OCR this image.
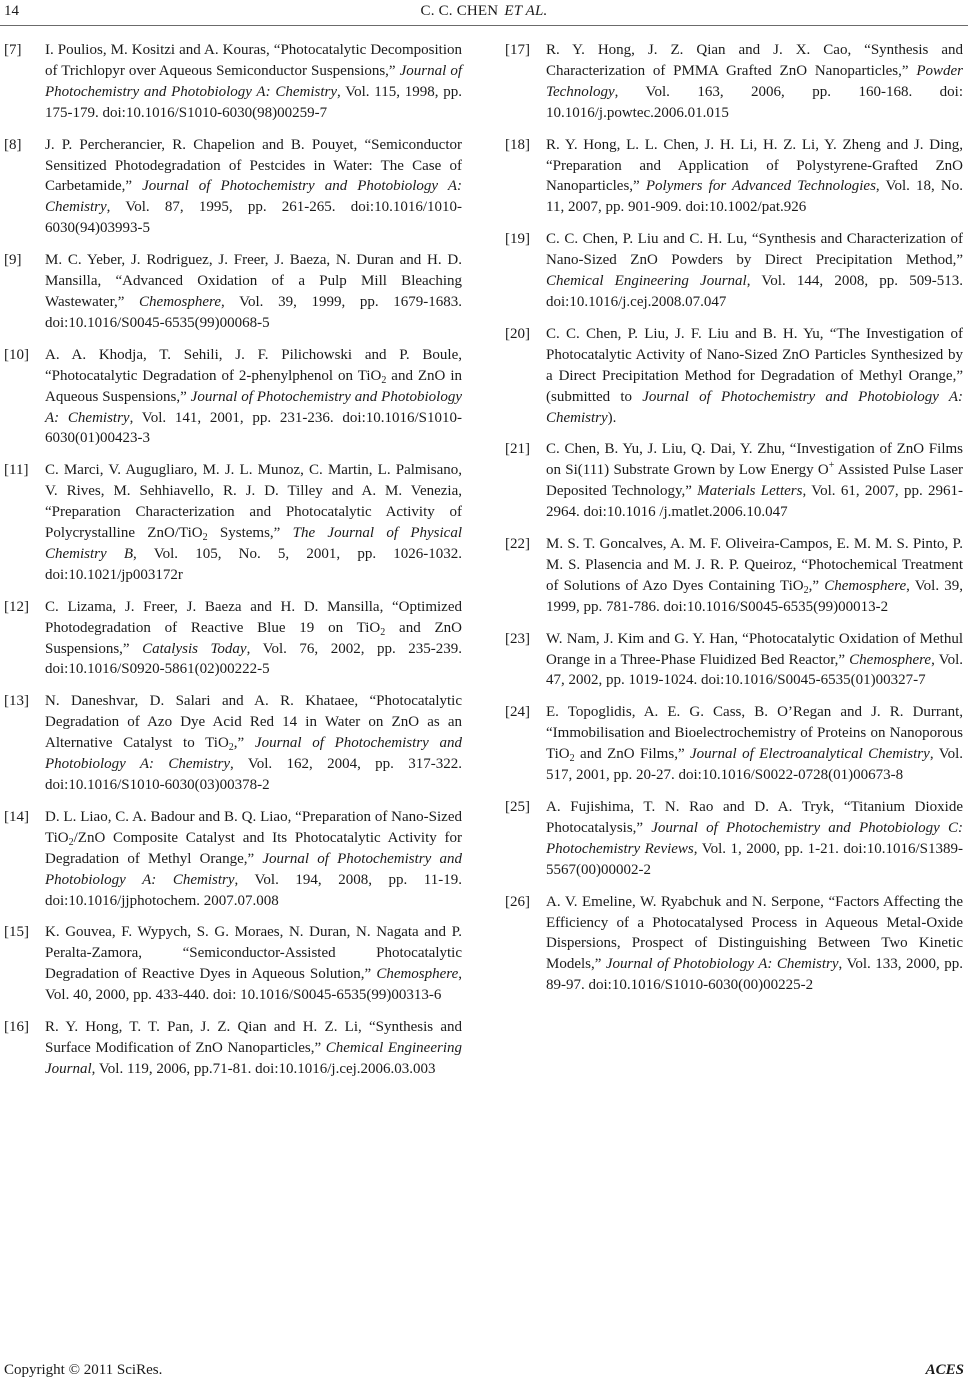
14	C. C. CHEN ET AL.
[7] I. Poulios, M. Kositzi and A. Kouras, “Photocatalytic Decomposition of Trichlopyr over Aqueous Semiconductor Suspensions,” Journal of Photochemistry and Photobiology A: Chemistry, Vol. 115, 1998, pp. 175-179. doi:10.1016/S1010-6030(98)00259-7
[8] J. P. Percherancier, R. Chapelion and B. Pouyet, “Semiconductor Sensitized Photodegradation of Pestcides in Water: The Case of Carbetamide,” Journal of Photochemistry and Photobiology A: Chemistry, Vol. 87, 1995, pp. 261-265. doi:10.1016/1010-6030(94)03993-5
[9] M. C. Yeber, J. Rodriguez, J. Freer, J. Baeza, N. Duran and H. D. Mansilla, “Advanced Oxidation of a Pulp Mill Bleaching Wastewater,” Chemosphere, Vol. 39, 1999, pp. 1679-1683. doi:10.1016/S0045-6535(99)00068-5
[10] A. A. Khodja, T. Sehili, J. F. Pilichowski and P. Boule, “Photocatalytic Degradation of 2-phenylphenol on TiO$_2$ and ZnO in Aqueous Suspensions,” Journal of Photochemistry and Photobiology A: Chemistry, Vol. 141, 2001, pp. 231-236. doi:10.1016/S1010-6030(01)00423-3
[11] C. Marci, V. Augugliaro, M. J. L. Munoz, C. Martin, L. Palmisano, V. Rives, M. Sehhiavello, R. J. D. Tilley and A. M. Venezia, “Preparation Characterization and Photocatalytic Activity of Polycrystalline ZnO/TiO$_2$ Systems,” The Journal of Physical Chemistry B, Vol. 105, No. 5, 2001, pp. 1026-1032. doi:10.1021/jp003172r
[12] C. Lizama, J. Freer, J. Baeza and H. D. Mansilla, “Optimized Photodegradation of Reactive Blue 19 on TiO$_2$ and ZnO Suspensions,” Catalysis Today, Vol. 76, 2002, pp. 235-239. doi:10.1016/S0920-5861(02)00222-5
[13] N. Daneshvar, D. Salari and A. R. Khataee, “Photocatalytic Degradation of Azo Dye Acid Red 14 in Water on ZnO as an Alternative Catalyst to TiO$_2$,” Journal of Photochemistry and Photobiology A: Chemistry, Vol. 162, 2004, pp. 317-322. doi:10.1016/S1010-6030(03)00378-2
[14] D. L. Liao, C. A. Badour and B. Q. Liao, “Preparation of Nano-Sized TiO$_2$/ZnO Composite Catalyst and Its Photocatalytic Activity for Degradation of Methyl Orange,” Journal of Photochemistry and Photobiology A: Chemistry, Vol. 194, 2008, pp. 11-19. doi:10.1016/jjphotochem. 2007.07.008
[15] K. Gouvea, F. Wypych, S. G. Moraes, N. Duran, N. Nagata and P. Peralta-Zamora, “Semiconductor-Assisted Photocatalytic Degradation of Reactive Dyes in Aqueous Solution,” Chemosphere, Vol. 40, 2000, pp. 433-440. doi: 10.1016/S0045-6535(99)00313-6
[16] R. Y. Hong, T. T. Pan, J. Z. Qian and H. Z. Li, “Synthesis and Surface Modification of ZnO Nanoparticles,” Chemical Engineering Journal, Vol. 119, 2006, pp.71-81. doi:10.1016/j.cej.2006.03.003
[17] R. Y. Hong, J. Z. Qian and J. X. Cao, “Synthesis and Characterization of PMMA Grafted ZnO Nanoparticles,” Powder Technology, Vol. 163, 2006, pp. 160-168. doi: 10.1016/j.powtec.2006.01.015
[18] R. Y. Hong, L. L. Chen, J. H. Li, H. Z. Li, Y. Zheng and J. Ding, “Preparation and Application of Polystyrene-Grafted ZnO Nanoparticles,” Polymers for Advanced Technologies, Vol. 18, No. 11, 2007, pp. 901-909. doi:10.1002/pat.926
[19] C. C. Chen, P. Liu and C. H. Lu, “Synthesis and Characterization of Nano-Sized ZnO Powders by Direct Precipitation Method,” Chemical Engineering Journal, Vol. 144, 2008, pp. 509-513. doi:10.1016/j.cej.2008.07.047
[20] C. C. Chen, P. Liu, J. F. Liu and B. H. Yu, “The Investigation of Photocatalytic Activity of Nano-Sized ZnO Particles Synthesized by a Direct Precipitation Method for Degradation of Methyl Orange,” (submitted to Journal of Photochemistry and Photobiology A: Chemistry).
[21] C. Chen, B. Yu, J. Liu, Q. Dai, Y. Zhu, “Investigation of ZnO Films on Si(111) Substrate Grown by Low Energy O+ Assisted Pulse Laser Deposited Technology,” Materials Letters, Vol. 61, 2007, pp. 2961-2964. doi:10.1016 /j.matlet.2006.10.047
[22] M. S. T. Goncalves, A. M. F. Oliveira-Campos, E. M. M. S. Pinto, P. M. S. Plasencia and M. J. R. P. Queiroz, “Photochemical Treatment of Solutions of Azo Dyes Containing TiO$_2$,” Chemosphere, Vol. 39, 1999, pp. 781-786. doi:10.1016/S0045-6535(99)00013-2
[23] W. Nam, J. Kim and G. Y. Han, “Photocatalytic Oxidation of Methul Orange in a Three-Phase Fluidized Bed Reactor,” Chemosphere, Vol. 47, 2002, pp. 1019-1024. doi:10.1016/S0045-6535(01)00327-7
[24] E. Topoglidis, A. E. G. Cass, B. O’Regan and J. R. Durrant, “Immobilisation and Bioelectrochemistry of Proteins on Nanoporous TiO$_2$ and ZnO Films,” Journal of Electroanalytical Chemistry, Vol. 517, 2001, pp. 20-27. doi:10.1016/S0022-0728(01)00673-8
[25] A. Fujishima, T. N. Rao and D. A. Tryk, “Titanium Dioxide Photocatalysis,” Journal of Photochemistry and Photobiology C: Photochemistry Reviews, Vol. 1, 2000, pp. 1-21. doi:10.1016/S1389-5567(00)00002-2
[26] A. V. Emeline, W. Ryabchuk and N. Serpone, “Factors Affecting the Efficiency of a Photocatalysed Process in Aqueous Metal-Oxide Dispersions, Prospect of Distinguishing Between Two Kinetic Models,” Journal of Photobiology A: Chemistry, Vol. 133, 2000, pp. 89-97. doi:10.1016/S1010-6030(00)00225-2
Copyright © 2011 SciRes.	ACES
